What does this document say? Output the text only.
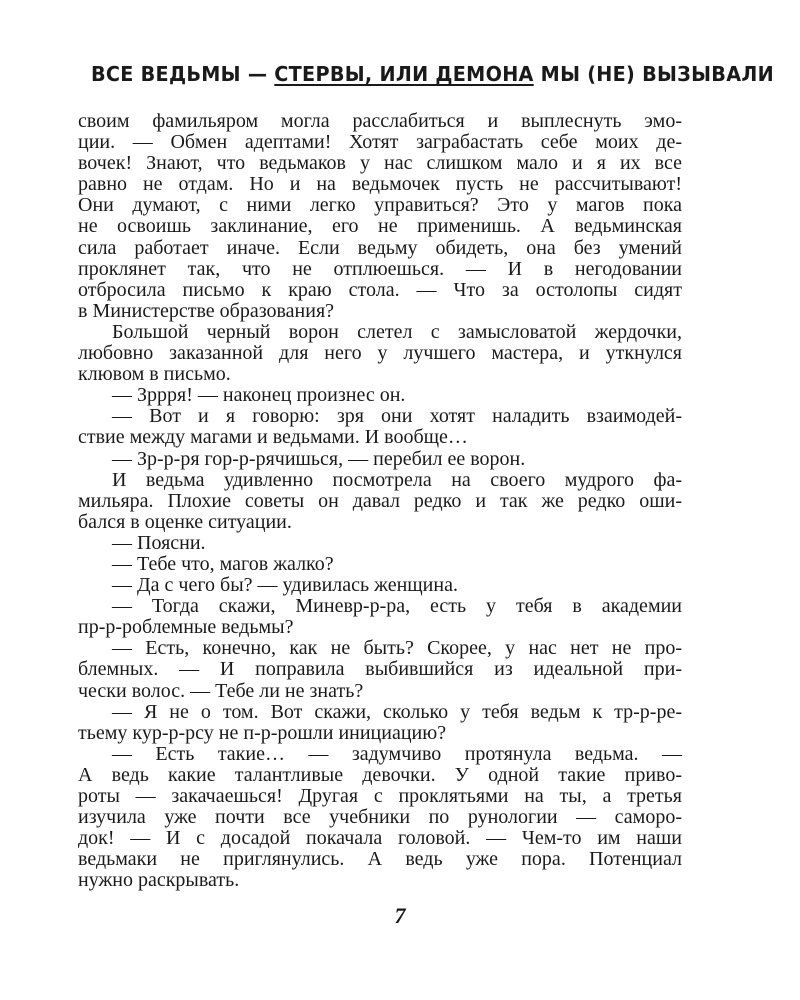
ВСЕ ВЕДЬМЫ — СТЕРВЫ, ИЛИ ДЕМОНА МЫ (НЕ) ВЫЗЫВАЛИ
своим фамильяром могла расслабиться и выплеснуть эмо-
ции. — Обмен адептами! Хотят заграбастать себе моих де-
вочек! Знают, что ведьмаков у нас слишком мало и я их все
равно не отдам. Но и на ведьмочек пусть не рассчитывают!
Они думают, с ними легко управиться? Это у магов пока
не освоишь заклинание, его не применишь. А ведьминская
сила работает иначе. Если ведьму обидеть, она без умений
проклянет так, что не отплюешься. — И в негодовании
отбросила письмо к краю стола. — Что за остолопы сидят
в Министерстве образования?
Большой черный ворон слетел с замысловатой жердочки,
любовно заказанной для него у лучшего мастера, и уткнулся
клювом в письмо.
— Зррря! — наконец произнес он.
— Вот и я говорю: зря они хотят наладить взаимодей-
ствие между магами и ведьмами. И вообще…
— Зр-р-ря гор-р-рячишься, — перебил ее ворон.
И ведьма удивленно посмотрела на своего мудрого фа-
мильяра. Плохие советы он давал редко и так же редко оши-
бался в оценке ситуации.
— Поясни.
— Тебе что, магов жалко?
— Да с чего бы? — удивилась женщина.
— Тогда скажи, Миневр-р-ра, есть у тебя в академии
пр-р-роблемные ведьмы?
— Есть, конечно, как не быть? Скорее, у нас нет не про-
блемных. — И поправила выбившийся из идеальной при-
чески волос. — Тебе ли не знать?
— Я не о том. Вот скажи, сколько у тебя ведьм к тр-р-ре-
тьему кур-р-рсу не п-р-рошли инициацию?
— Есть такие… — задумчиво протянула ведьма. —
А ведь какие талантливые девочки. У одной такие приво-
роты — закачаешься! Другая с проклятьями на ты, а третья
изучила уже почти все учебники по рунологии — саморо-
док! — И с досадой покачала головой. — Чем-то им наши
ведьмаки не приглянулись. А ведь уже пора. Потенциал
нужно раскрывать.
7
